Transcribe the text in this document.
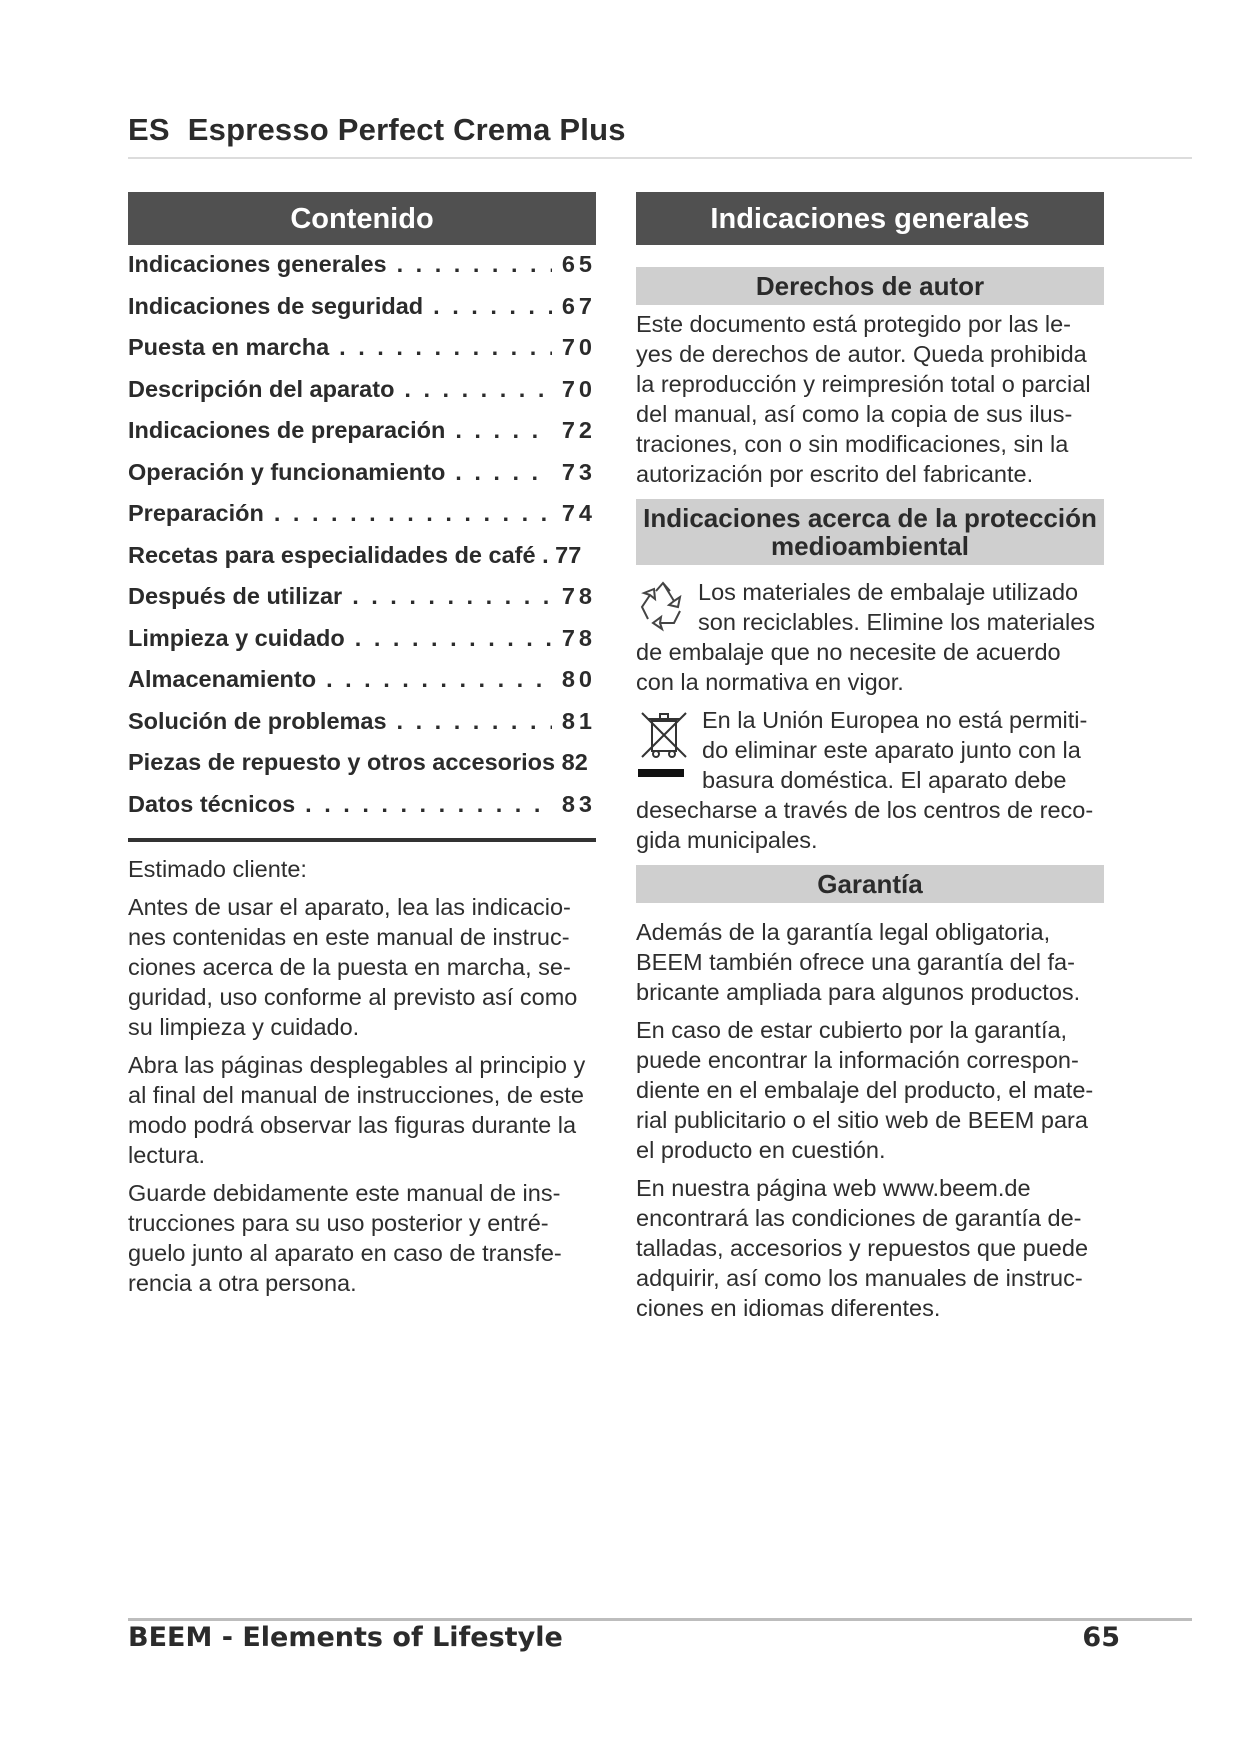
ES Espresso Perfect Crema Plus
Contenido
Indicaciones generales . . .	65
Indicaciones de seguridad . . .	67
Puesta en marcha . . .	70
Descripción del aparato . . .	70
Indicaciones de preparación . . .	72
Operación y funcionamiento . . .	73
Preparación . . .	74
Recetas para especialidades de café . 77
Después de utilizar . . .	78
Limpieza y cuidado . . .	78
Almacenamiento . . .	80
Solución de problemas . . .	81
Piezas de repuesto y otros accesorios 82
Datos técnicos . . .	83

Estimado cliente:

Antes de usar el aparato, lea las indicacio-nes contenidas en este manual de instruc-ciones acerca de la puesta en marcha, se-guridad, uso conforme al previsto así como su limpieza y cuidado.

Abra las páginas desplegables al principio y al final del manual de instrucciones, de este modo podrá observar las figuras durante la lectura.

Guarde debidamente este manual de ins-trucciones para su uso posterior y entré-guelo junto al aparato en caso de transfe-rencia a otra persona.

Indicaciones generales
Derechos de autor

Este documento está protegido por las le-yes de derechos de autor. Queda prohibida la reproducción y reimpresión total o parcial del manual, así como la copia de sus ilus-traciones, con o sin modificaciones, sin la autorización por escrito del fabricante.

Indicaciones acerca de la protección medioambiental

Los materiales de embalaje utilizado son reciclables. Elimine los materiales de embalaje que no necesite de acuerdo con la normativa en vigor.

En la Unión Europea no está permiti-do eliminar este aparato junto con la basura doméstica. El aparato debe desecharse a través de los centros de reco-gida municipales.

Garantía

Además de la garantía legal obligatoria, BEEM también ofrece una garantía del fa-bricante ampliada para algunos productos.

En caso de estar cubierto por la garantía, puede encontrar la información correspon-diente en el embalaje del producto, el mate-rial publicitario o el sitio web de BEEM para el producto en cuestión.

En nuestra página web www.beem.de encontrará las condiciones de garantía de-talladas, accesorios y repuestos que puede adquirir, así como los manuales de instruc-ciones en idiomas diferentes.

BEEM - Elements of Lifestyle	65
